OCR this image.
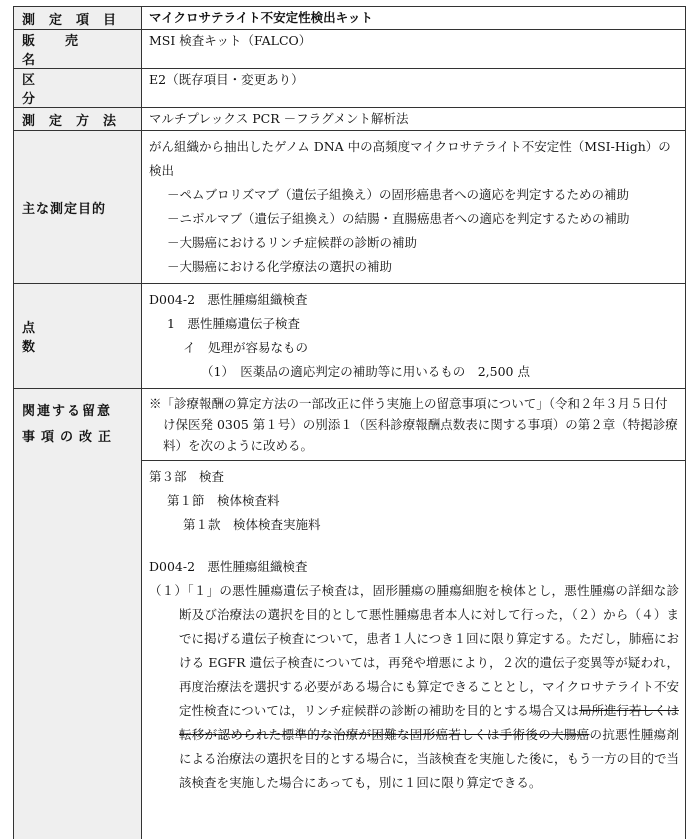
測定項目	マイクロサテライト不安定性検出キット

販売名	MSI 検査キット（FALCO）

区分	E2（既存項目・変更あり）

測定方法	マルチプレックス PCR －フラグメント解析法

主な測定目的	がん組織から抽出したゲノム DNA 中の高頻度マイクロサテライト不安定性（MSI-High）の検出
－ペムブロリズマブ（遺伝子組換え）の固形癌患者への適応を判定するための補助
－ニボルマブ（遺伝子組換え）の結腸・直腸癌患者への適応を判定するための補助
－大腸癌におけるリンチ症候群の診断の補助
－大腸癌における化学療法の選択の補助

点数	D004-2　悪性腫瘍組織検査
1　悪性腫瘍遺伝子検査
イ　処理が容易なもの
（1）　医薬品の適応判定の補助等に用いるもの　2,500 点

関連する留意
事項の改正	※「診療報酬の算定方法の一部改正に伴う実施上の留意事項について」（令和２年３月５日付け保医発 0305 第１号）の別添１（医科診療報酬点数表に関する事項）の第２章（特掲診療料）を次のように改める。

	第３部　検査
第１節　検体検査料
第１款　検体検査実施料
D004-2　悪性腫瘍組織検査
（１）「１」の悪性腫瘍遺伝子検査は，固形腫瘍の腫瘍細胞を検体とし，悪性腫瘍の詳細な診断及び治療法の選択を目的として悪性腫瘍患者本人に対して行った，（２）から（４）までに掲げる遺伝子検査について，患者１人につき１回に限り算定する。ただし，肺癌における EGFR 遺伝子検査については，再発や増悪により，２次的遺伝子変異等が疑われ，再度治療法を選択する必要がある場合にも算定できることとし，マイクロサテライト不安定性検査については，リンチ症候群の診断の補助を目的とする場合又は局所進行若しくは転移が認められた標準的な治療が困難な固形癌若しくは手術後の大腸癌の抗悪性腫瘍剤による治療法の選択を目的とする場合に，当該検査を実施した後に，もう一方の目的で当該検査を実施した場合にあっても，別に１回に限り算定できる。
